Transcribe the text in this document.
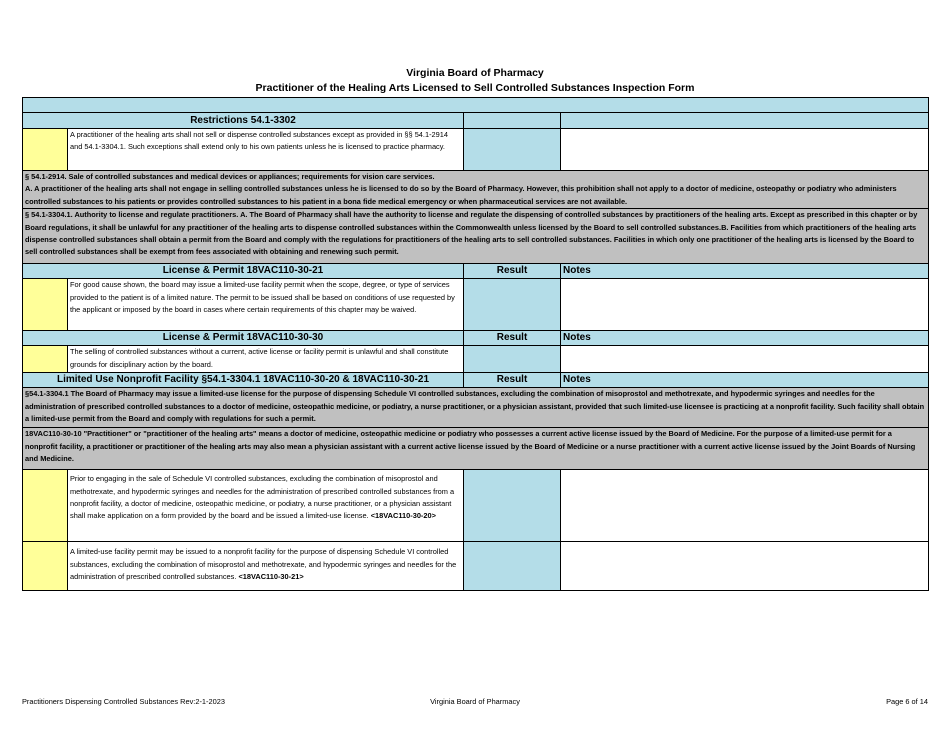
Virginia Board of Pharmacy
Practitioner of the Healing Arts Licensed to Sell Controlled Substances Inspection Form

Restrictions 54.1-3302			
	A practitioner of the healing arts shall not sell or dispense controlled substances except as provided in §§ 54.1-2914 and 54.1-3304.1. Such exceptions shall extend only to his own patients unless he is licensed to practice pharmacy.		
§ 54.1-2914. Sale of controlled substances and medical devices or appliances; requirements for vision care services.
A. A practitioner of the healing arts shall not engage in selling controlled substances unless he is licensed to do so by the Board of Pharmacy. However, this prohibition shall not apply to a doctor of medicine, osteopathy or podiatry who administers controlled substances to his patients or provides controlled substances to his patient in a bona fide medical emergency or when pharmaceutical services are not available.			
§ 54.1-3304.1. Authority to license and regulate practitioners. A. The Board of Pharmacy shall have the authority to license and regulate the dispensing of controlled substances by practitioners of the healing arts. Except as prescribed in this chapter or by Board regulations, it shall be unlawful for any practitioner of the healing arts to dispense controlled substances within the Commonwealth unless licensed by the Board to sell controlled substances.B. Facilities from which practitioners of the healing arts dispense controlled substances shall obtain a permit from the Board and comply with the regulations for practitioners of the healing arts to sell controlled substances. Facilities in which only one practitioner of the healing arts is licensed by the Board to sell controlled substances shall be exempt from fees associated with obtaining and renewing such permit.			
License & Permit 18VAC110-30-21		Result	Notes
	For good cause shown, the board may issue a limited-use facility permit when the scope, degree, or type of services provided to the patient is of a limited nature. The permit to be issued shall be based on conditions of use requested by the applicant or imposed by the board in cases where certain requirements of this chapter may be waived.		
License & Permit 18VAC110-30-30		Result	Notes
	The selling of controlled substances without a current, active license or facility permit is unlawful and shall constitute grounds for disciplinary action by the board.		
Limited Use Nonprofit Facility §54.1-3304.1 18VAC110-30-20 & 18VAC110-30-21		Result	Notes
§54.1-3304.1 The Board of Pharmacy may issue a limited-use license for the purpose of dispensing Schedule VI controlled substances, excluding the combination of misoprostol and methotrexate, and hypodermic syringes and needles for the administration of prescribed controlled substances to a doctor of medicine, osteopathic medicine, or podiatry, a nurse practitioner, or a physician assistant, provided that such limited-use licensee is practicing at a nonprofit facility. Such facility shall obtain a limited-use permit from the Board and comply with regulations for such a permit.			
18VAC110-30-10 "Practitioner" or "practitioner of the healing arts" means a doctor of medicine, osteopathic medicine or podiatry who possesses a current active license issued by the Board of Medicine. For the purpose of a limited-use permit for a nonprofit facility, a practitioner or practitioner of the healing arts may also mean a physician assistant with a current active license issued by the Board of Medicine or a nurse practitioner with a current active license issued by the Joint Boards of Nursing and Medicine.			
	Prior to engaging in the sale of Schedule VI controlled substances, excluding the combination of misoprostol and methotrexate, and hypodermic syringes and needles for the administration of prescribed controlled substances from a nonprofit facility, a doctor of medicine, osteopathic medicine, or podiatry, a nurse practitioner, or a physician assistant shall make application on a form provided by the board and be issued a limited-use license. <18VAC110-30-20>		
	A limited-use facility permit may be issued to a nonprofit facility for the purpose of dispensing Schedule VI controlled substances, excluding the combination of misoprostol and methotrexate, and hypodermic syringes and needles for the administration of prescribed controlled substances. <18VAC110-30-21>		
Practitioners Dispensing Controlled Substances Rev:2-1-2023	Virginia Board of Pharmacy	Page 6 of 14
